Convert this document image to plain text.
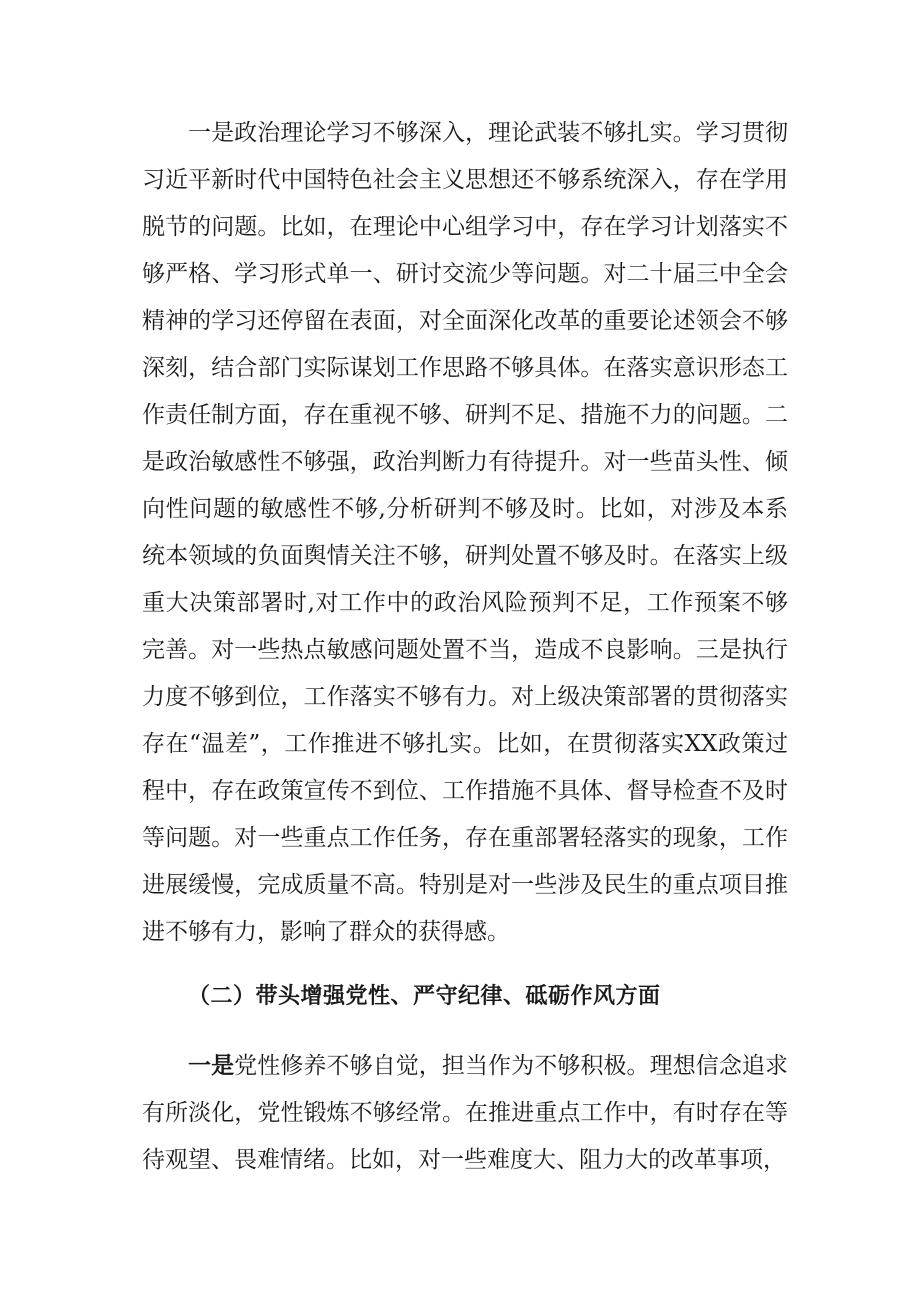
一是政治理论学习不够深入，理论武装不够扎实。学习贯彻习近平新时代中国特色社会主义思想还不够系统深入，存在学用脱节的问题。比如，在理论中心组学习中，存在学习计划落实不够严格、学习形式单一、研讨交流少等问题。对二十届三中全会精神的学习还停留在表面，对全面深化改革的重要论述领会不够深刻，结合部门实际谋划工作思路不够具体。在落实意识形态工作责任制方面，存在重视不够、研判不足、措施不力的问题。二是政治敏感性不够强，政治判断力有待提升。对一些苗头性、倾向性问题的敏感性不够,分析研判不够及时。比如，对涉及本系统本领域的负面舆情关注不够，研判处置不够及时。在落实上级重大决策部署时,对工作中的政治风险预判不足，工作预案不够完善。对一些热点敏感问题处置不当，造成不良影响。三是执行力度不够到位，工作落实不够有力。对上级决策部署的贯彻落实存在“温差”，工作推进不够扎实。比如，在贯彻落实XX政策过程中，存在政策宣传不到位、工作措施不具体、督导检查不及时等问题。对一些重点工作任务，存在重部署轻落实的现象，工作进展缓慢，完成质量不高。特别是对一些涉及民生的重点项目推进不够有力，影响了群众的获得感。

（二）带头增强党性、严守纪律、砥砺作风方面

一是党性修养不够自觉，担当作为不够积极。理想信念追求有所淡化，党性锻炼不够经常。在推进重点工作中，有时存在等待观望、畏难情绪。比如，对一些难度大、阻力大的改革事项，
